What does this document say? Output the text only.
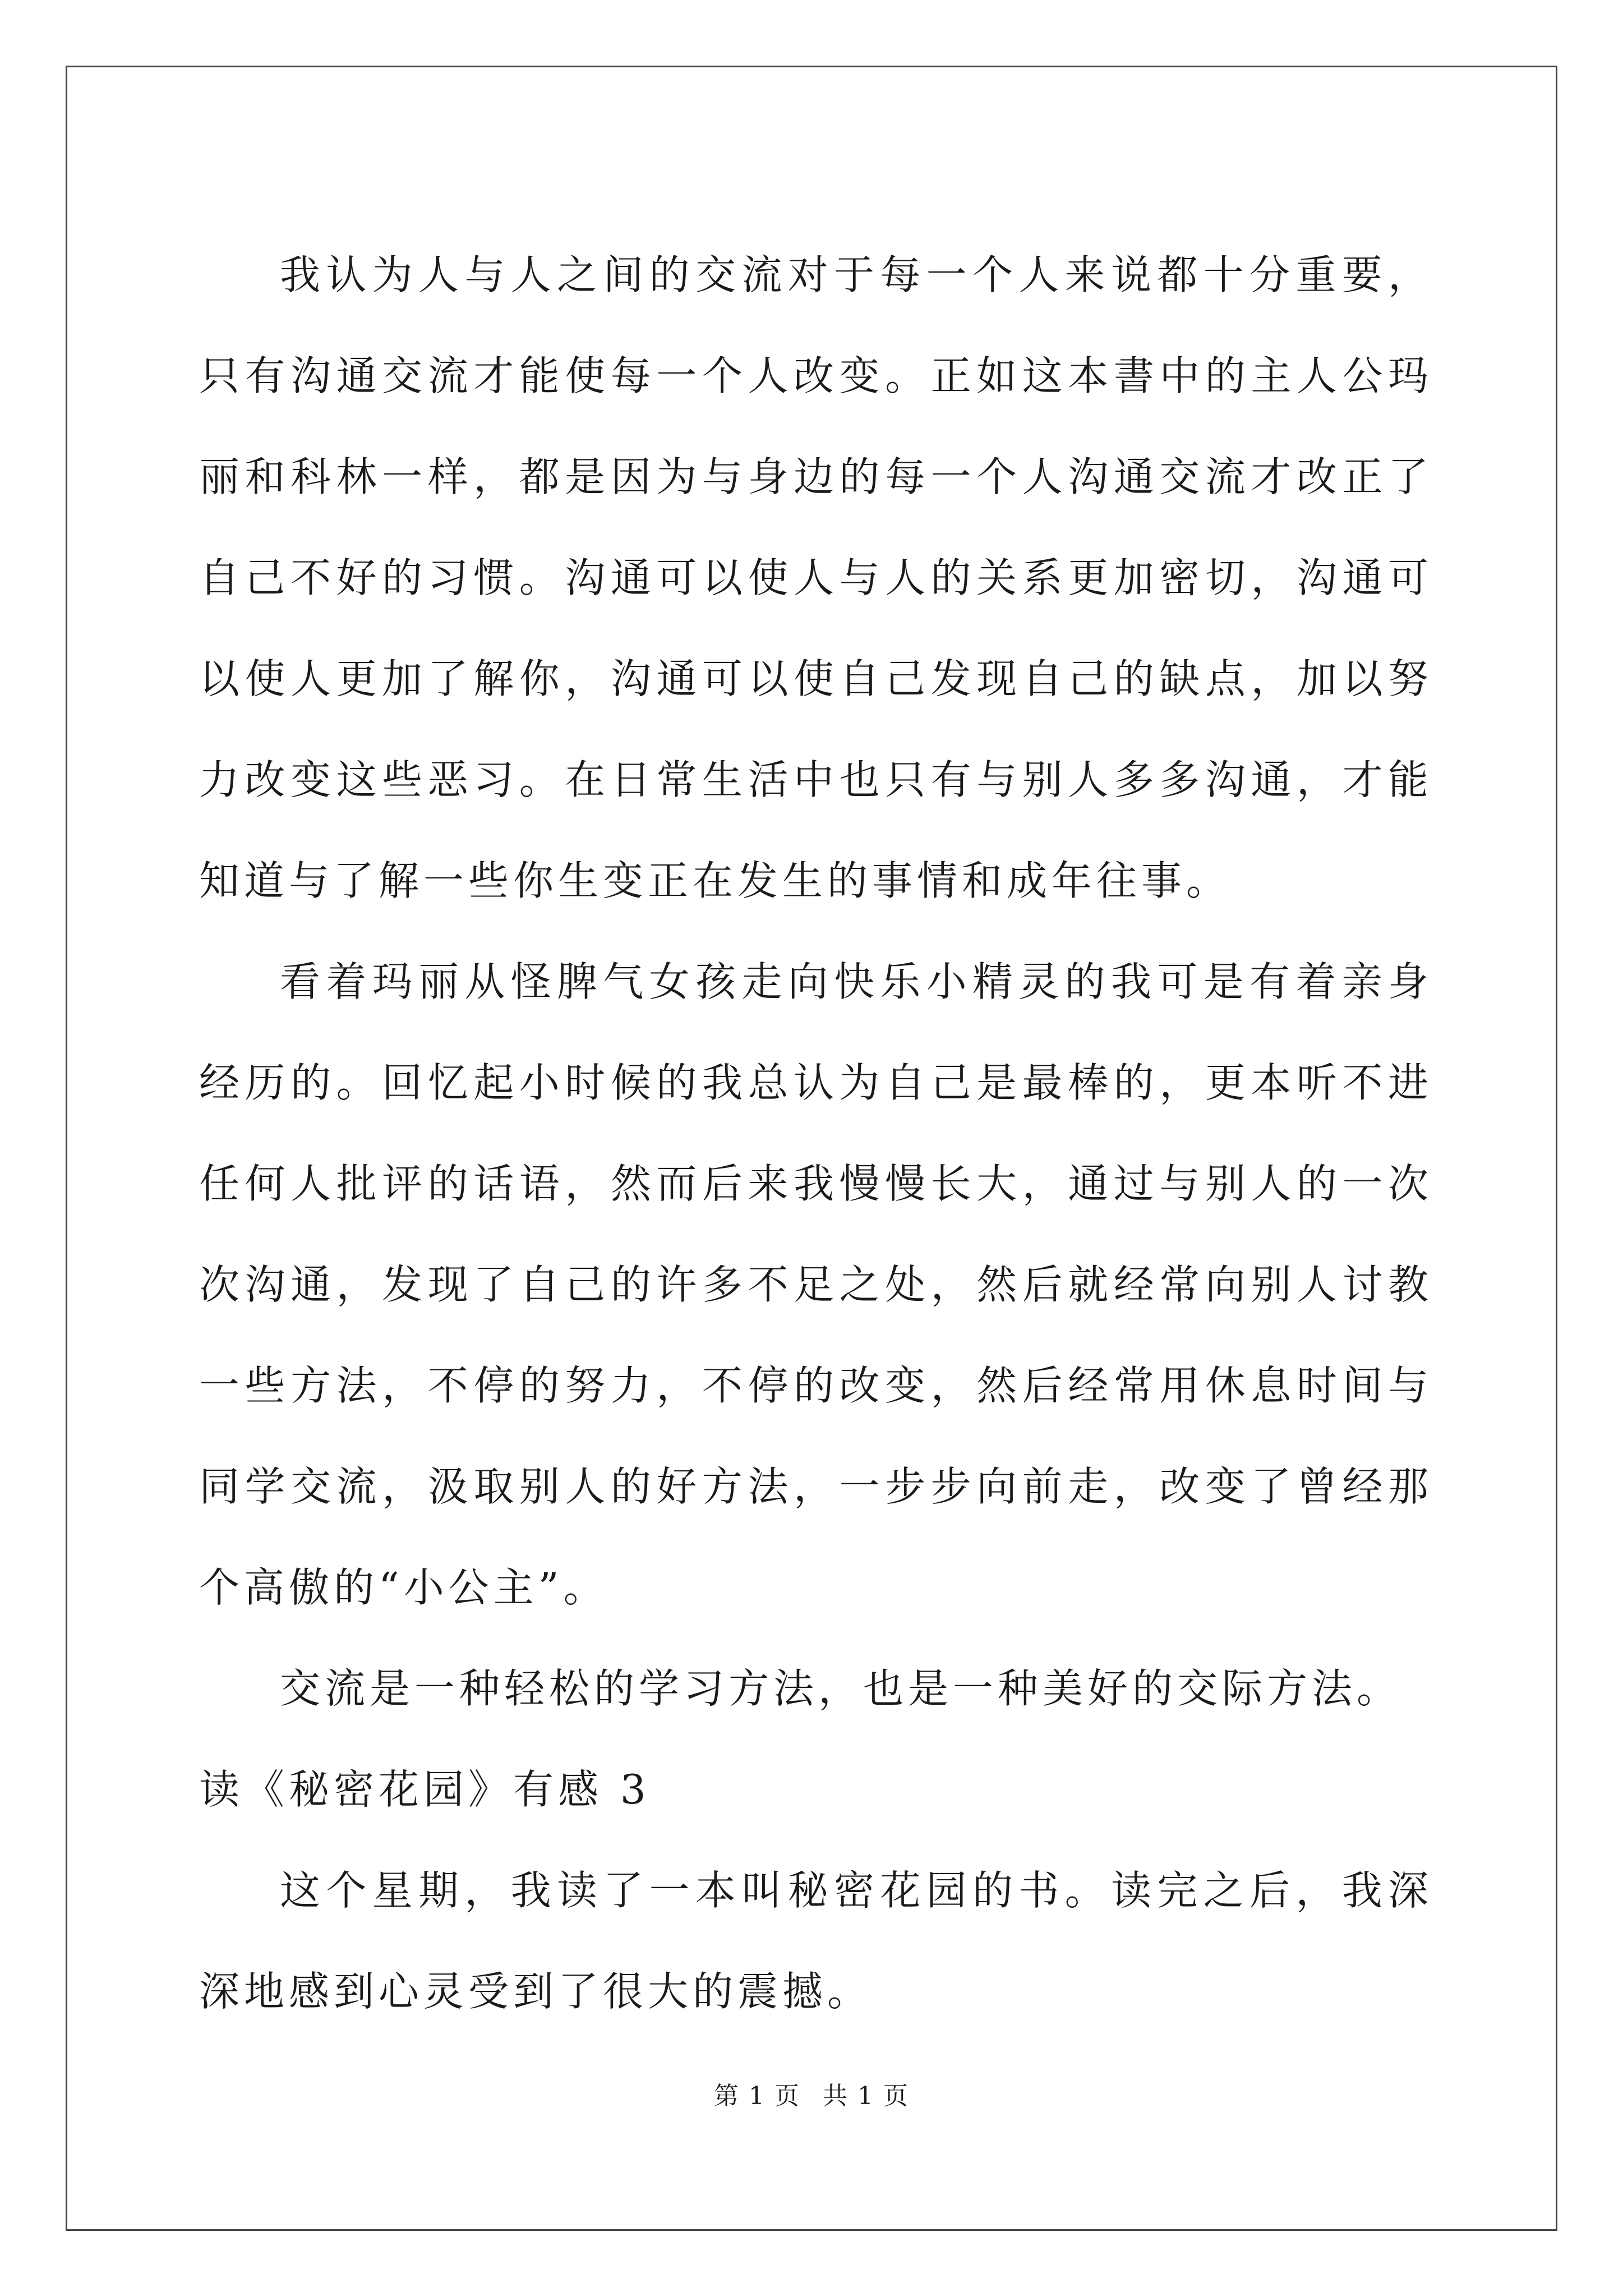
我认为人与人之间的交流对于每一个人来说都十分重要，只有沟通交流才能使每一个人改变。正如这本書中的主人公玛丽和科林一样，都是因为与身边的每一个人沟通交流才改正了自己不好的习惯。沟通可以使人与人的关系更加密切，沟通可以使人更加了解你，沟通可以使自己发现自己的缺点，加以努力改变这些恶习。在日常生活中也只有与别人多多沟通，才能知道与了解一些你生变正在发生的事情和成年往事。

看着玛丽从怪脾气女孩走向快乐小精灵的我可是有着亲身经历的。回忆起小时候的我总认为自己是最棒的，更本听不进任何人批评的话语，然而后来我慢慢长大，通过与别人的一次次沟通，发现了自己的许多不足之处，然后就经常向别人讨教一些方法，不停的努力，不停的改变，然后经常用休息时间与同学交流，汲取别人的好方法，一步步向前走，改变了曾经那个高傲的“小公主”。

交流是一种轻松的学习方法，也是一种美好的交际方法。

读《秘密花园》有感 3

这个星期，我读了一本叫秘密花园的书。读完之后，我深深地感到心灵受到了很大的震撼。

第 1 页 共 1 页
